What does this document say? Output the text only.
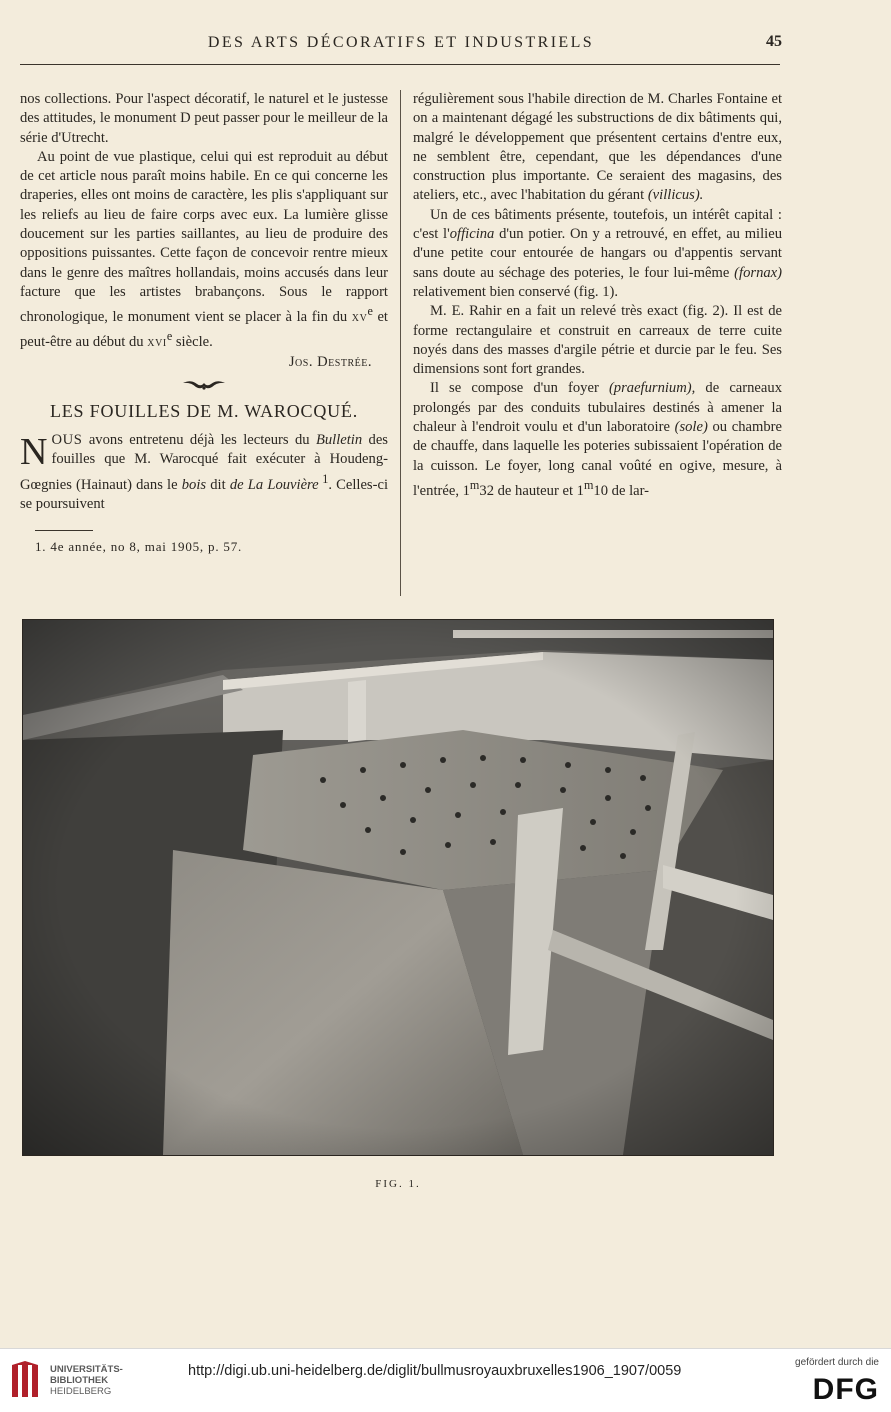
DES ARTS DÉCORATIFS ET INDUSTRIELS	45

nos collections. Pour l'aspect décoratif, le naturel et le justesse des attitudes, le monument D peut passer pour le meilleur de la série d'Utrecht.

Au point de vue plastique, celui qui est reproduit au début de cet article nous paraît moins habile. En ce qui concerne les draperies, elles ont moins de caractère, les plis s'appliquant sur les reliefs au lieu de faire corps avec eux. La lumière glisse doucement sur les parties saillantes, au lieu de produire des oppositions puissantes. Cette façon de concevoir rentre mieux dans le genre des maîtres hollandais, moins accusés dans leur facture que les artistes brabançons. Sous le rapport chronologique, le monument vient se placer à la fin du $xv^e$ et peut-être au début du xvi$^e$ siècle.

Jos. Destrée.

LES FOUILLES DE M. WAROCQUÉ.

NOUS avons entretenu déjà les lecteurs du Bulletin des fouilles que M. Warocqué fait exécuter à Houdeng-Gœgnies (Hainaut) dans le bois dit de La Louvière $^1$. Celles-ci se poursuivent

1. 4e année, no 8, mai 1905, p. 57.

régulièrement sous l'habile direction de M. Charles Fontaine et on a maintenant dégagé les substructions de dix bâtiments qui, malgré le développement que présentent certains d'entre eux, ne semblent être, cependant, que les dépendances d'une construction plus importante. Ce seraient des magasins, des ateliers, etc., avec l'habitation du gérant (villicus).

Un de ces bâtiments présente, toutefois, un intérêt capital : c'est l'officina d'un potier. On y a retrouvé, en effet, au milieu d'une petite cour entourée de hangars ou d'appentis servant sans doute au séchage des poteries, le four lui-même (fornax) relativement bien conservé (fig. 1).

M. E. Rahir en a fait un relevé très exact (fig. 2). Il est de forme rectangulaire et construit en carreaux de terre cuite noyés dans des masses d'argile pétrie et durcie par le feu. Ses dimensions sont fort grandes.

Il se compose d'un foyer (praefurnium), de carneaux prolongés par des conduits tubulaires destinés à amener la chaleur à l'endroit voulu et d'un laboratoire (sole) ou chambre de chauffe, dans laquelle les poteries subissaient l'opération de la cuisson. Le foyer, long canal voûté en ogive, mesure, à l'entrée, 1$^m$32 de hauteur et 1$^m$10 de lar-

FIG. 1.
UNIVERSITÄTS-
BIBLIOTHEK
HEIDELBERG
http://digi.ub.uni-heidelberg.de/diglit/bullmusroyauxbruxelles1906_1907/0059
gefördert durch die
DFG
